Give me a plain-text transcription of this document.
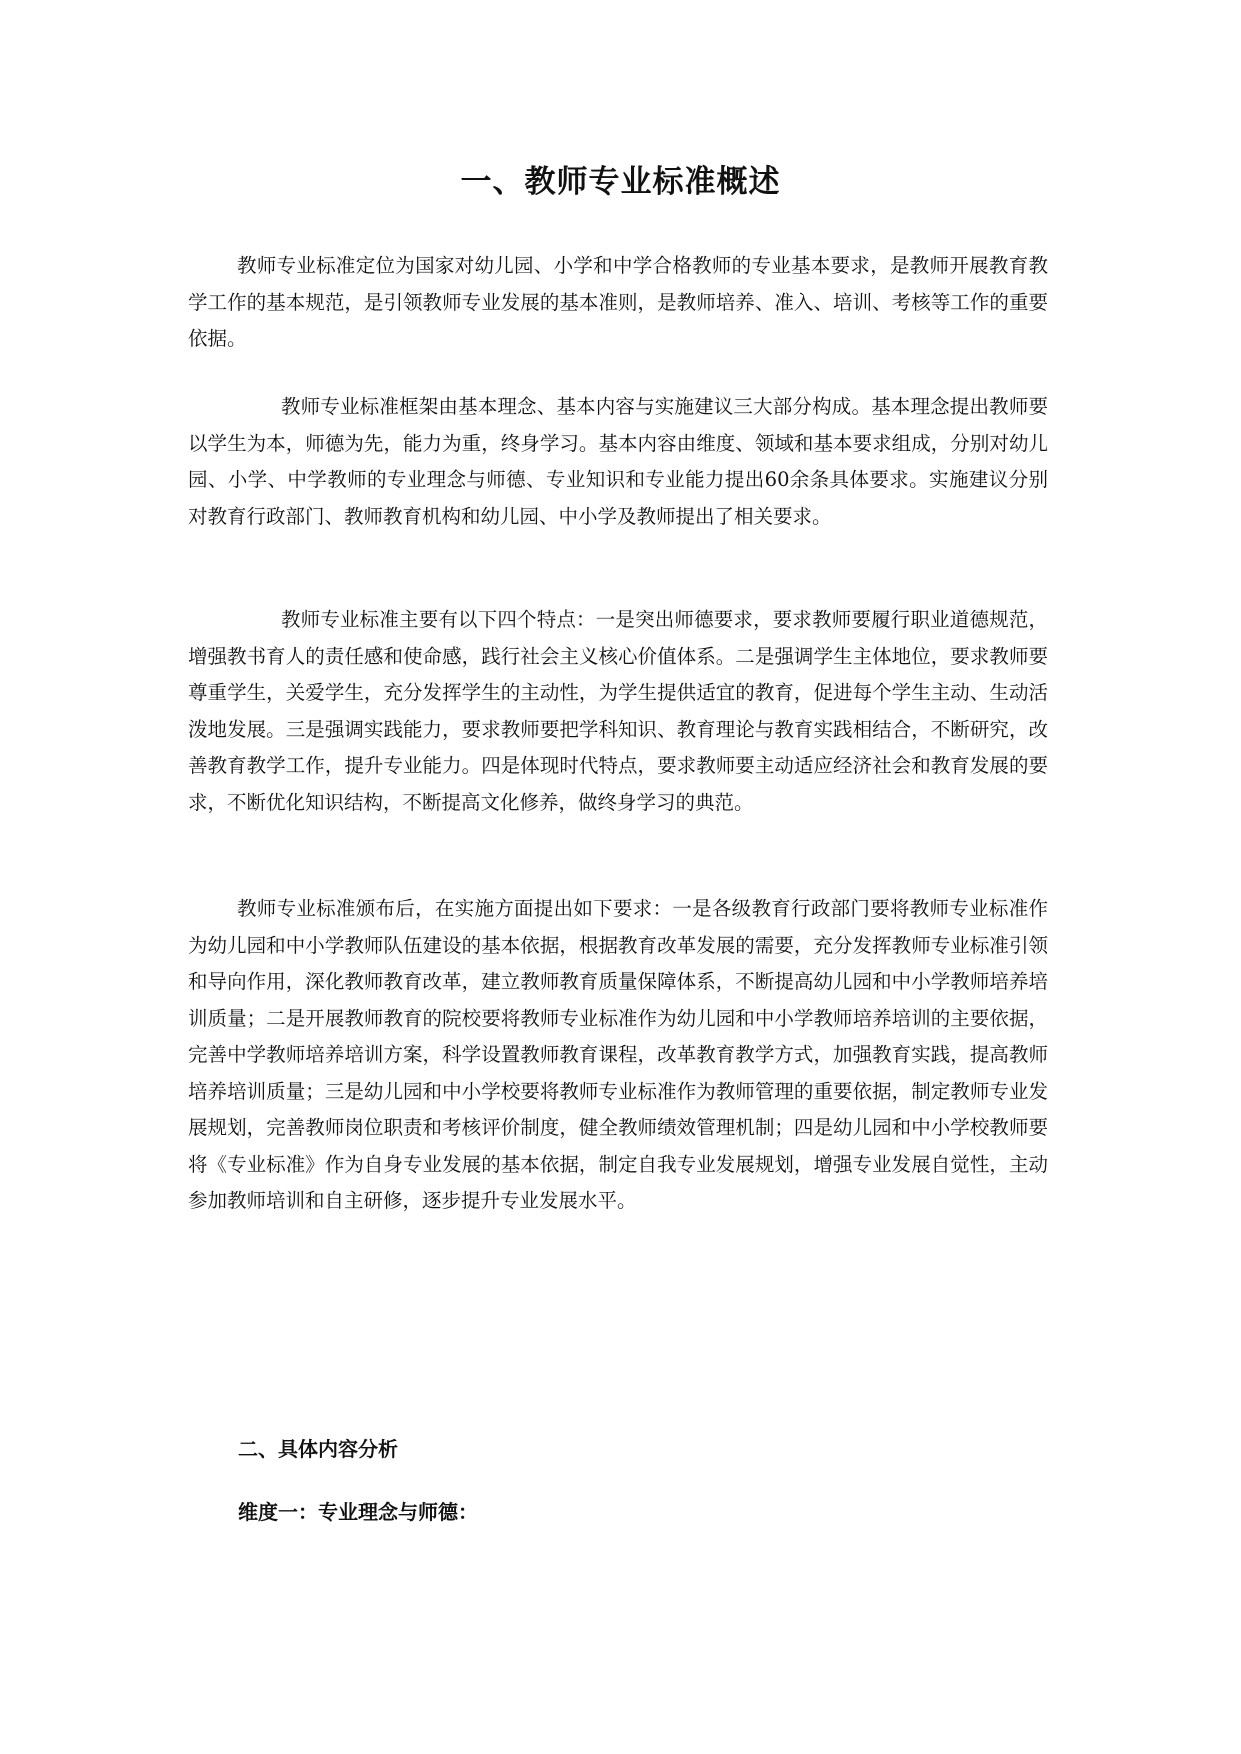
一、教师专业标准概述

教师专业标准定位为国家对幼儿园、小学和中学合格教师的专业基本要求，是教师开展教育教学工作的基本规范，是引领教师专业发展的基本准则，是教师培养、准入、培训、考核等工作的重要依据。

教师专业标准框架由基本理念、基本内容与实施建议三大部分构成。基本理念提出教师要以学生为本，师德为先，能力为重，终身学习。基本内容由维度、领域和基本要求组成，分别对幼儿园、小学、中学教师的专业理念与师德、专业知识和专业能力提出60余条具体要求。实施建议分别对教育行政部门、教师教育机构和幼儿园、中小学及教师提出了相关要求。

教师专业标准主要有以下四个特点：一是突出师德要求，要求教师要履行职业道德规范，增强教书育人的责任感和使命感，践行社会主义核心价值体系。二是强调学生主体地位，要求教师要尊重学生，关爱学生，充分发挥学生的主动性，为学生提供适宜的教育，促进每个学生主动、生动活泼地发展。三是强调实践能力，要求教师要把学科知识、教育理论与教育实践相结合，不断研究，改善教育教学工作，提升专业能力。四是体现时代特点，要求教师要主动适应经济社会和教育发展的要求，不断优化知识结构，不断提高文化修养，做终身学习的典范。

教师专业标准颁布后，在实施方面提出如下要求：一是各级教育行政部门要将教师专业标准作为幼儿园和中小学教师队伍建设的基本依据，根据教育改革发展的需要，充分发挥教师专业标准引领和导向作用，深化教师教育改革，建立教师教育质量保障体系，不断提高幼儿园和中小学教师培养培训质量；二是开展教师教育的院校要将教师专业标准作为幼儿园和中小学教师培养培训的主要依据，完善中学教师培养培训方案，科学设置教师教育课程，改革教育教学方式，加强教育实践，提高教师培养培训质量；三是幼儿园和中小学校要将教师专业标准作为教师管理的重要依据，制定教师专业发展规划，完善教师岗位职责和考核评价制度，健全教师绩效管理机制；四是幼儿园和中小学校教师要将《专业标准》作为自身专业发展的基本依据，制定自我专业发展规划，增强专业发展自觉性，主动参加教师培训和自主研修，逐步提升专业发展水平。

二、具体内容分析
维度一：专业理念与师德：
